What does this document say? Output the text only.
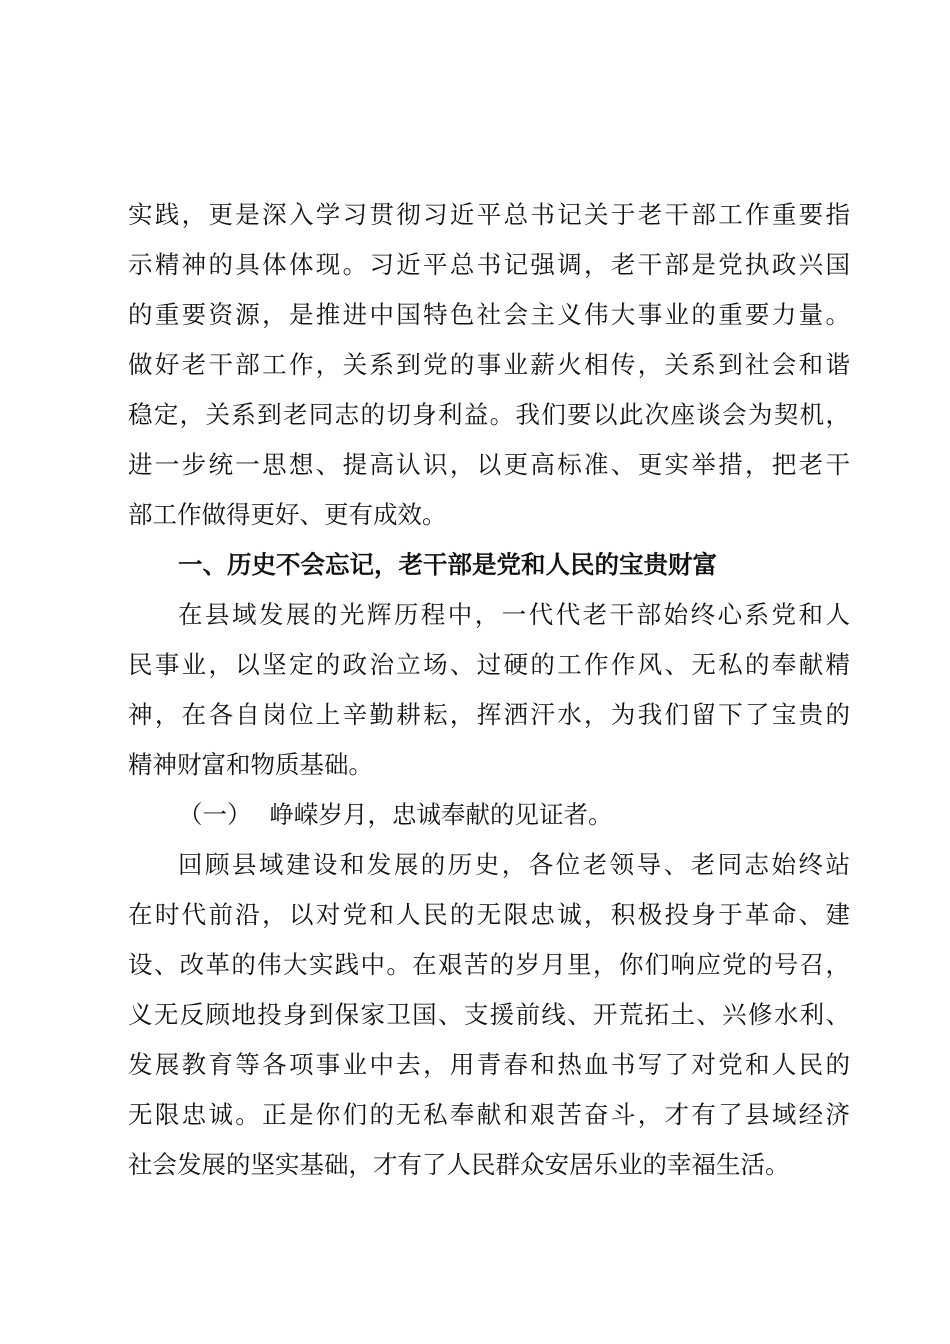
实践，更是深入学习贯彻习近平总书记关于老干部工作重要指
示精神的具体体现。习近平总书记强调，老干部是党执政兴国
的重要资源，是推进中国特色社会主义伟大事业的重要力量。
做好老干部工作，关系到党的事业薪火相传，关系到社会和谐
稳定，关系到老同志的切身利益。我们要以此次座谈会为契机，
进一步统一思想、提高认识，以更高标准、更实举措，把老干
部工作做得更好、更有成效。
一、历史不会忘记，老干部是党和人民的宝贵财富
在县域发展的光辉历程中，一代代老干部始终心系党和人
民事业，以坚定的政治立场、过硬的工作作风、无私的奉献精
神，在各自岗位上辛勤耕耘，挥洒汗水，为我们留下了宝贵的
精神财富和物质基础。
（一） 峥嵘岁月，忠诚奉献的见证者。
回顾县域建设和发展的历史，各位老领导、老同志始终站
在时代前沿，以对党和人民的无限忠诚，积极投身于革命、建
设、改革的伟大实践中。在艰苦的岁月里，你们响应党的号召，
义无反顾地投身到保家卫国、支援前线、开荒拓土、兴修水利、
发展教育等各项事业中去，用青春和热血书写了对党和人民的
无限忠诚。正是你们的无私奉献和艰苦奋斗，才有了县域经济
社会发展的坚实基础，才有了人民群众安居乐业的幸福生活。
